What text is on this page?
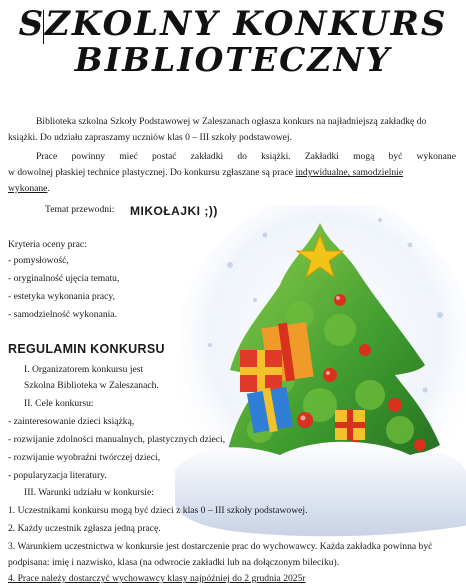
SZKOLNY KONKURS
BIBLIOTECZNY
Biblioteka szkolna Szkoły Podstawowej w Zaleszanach ogłasza konkurs na najładniejszą zakładkę do
książki. Do udziału zapraszamy uczniów klas 0 – III szkoły podstawowej.
Prace powinny mieć postać zakładki do książki. Zakładki mogą być wykonane
w dowolnej płaskiej technice plastycznej. Do konkursu zgłaszane są prace indywidualne, samodzielnie
wykonane.
Temat przewodni: MIKOŁAJKI ;))
Kryteria oceny prac:
- pomysłowość,
- oryginalność ujęcia tematu,
- estetyka wykonania pracy,
- samodzielność wykonania.
REGULAMIN KONKURSU
I. Organizatorem konkursu jest
Szkolna Biblioteka w Zaleszanach.
II. Cele konkursu:
- zainteresowanie dzieci książką,
- rozwijanie zdolności manualnych, plastycznych dzieci,
- rozwijanie wyobraźni twórczej dzieci,
- popularyzacja literatury.
III. Warunki udziału w konkursie:
1. Uczestnikami konkursu mogą być dzieci z klas 0 – III szkoły podstawowej.
2. Każdy uczestnik zgłasza jedną pracę.
3. Warunkiem uczestnictwa w konkursie jest dostarczenie prac do wychowawcy. Każda zakładka powinna być
podpisana: imię i nazwisko, klasa (na odwrocie zakładki lub na dołączonym bileciku).
4. Prace należy dostarczyć wychowawcy klasy najpóźniej do 2 grudnia 2025r
